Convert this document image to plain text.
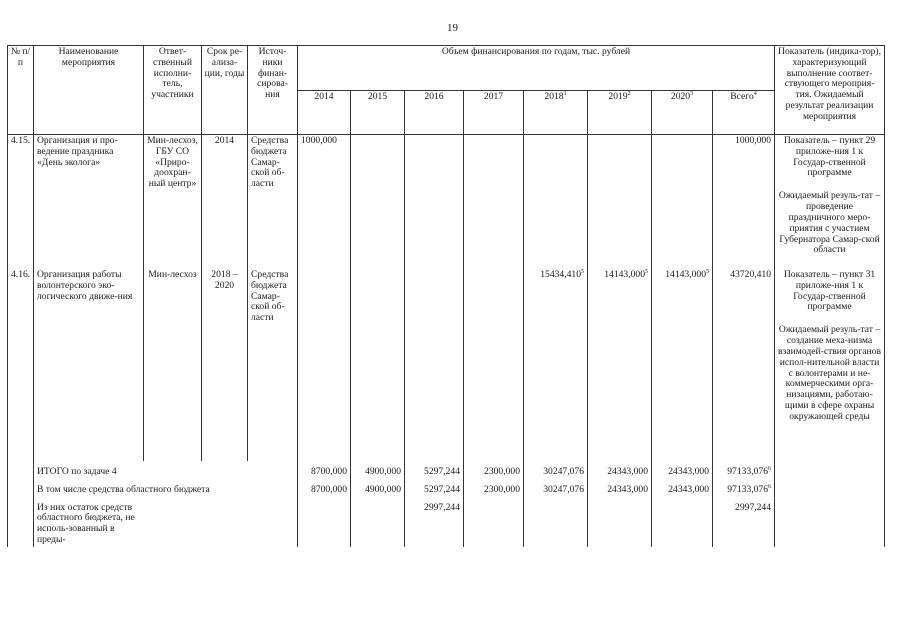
19
№ п/п	Наименование мероприятия	Ответ-ственный исполни-тель, участники	Срок ре-ализа-ции, годы	Источ-ники финан-сирова-ния	Объем финансирования по годам, тыс. рублей								Показатель (индика-тор), характеризующий выполнение соответ-ствующего мероприя-тия. Ожидаемый результат реализации мероприятия
					2014	2015	2016	2017	2018$^1$	2019$^2$	2020$^3$	Всего$^4$
4.15.	Организация и про-ведение праздника «День эколога»	Мин-лесхоз, ГБУ СО «Приро-доохран-ный центр»	2014	Средства бюджета Самар-ской об-ласти	1000,000							1000,000	Показатель – пункт 29 приложе-ния 1 к Государ-ственной программе
Ожидаемый резуль-тат – проведение праздничного меро-приятия с участием Губернатора Самар-ской области
4.16.	Организация работы волонтерского эко-логического движе-ния	Мин-лесхоз	2018 – 2020	Средства бюджета Самар-ской об-ласти					15434,410$^5$	14143,000$^5$	14143,000$^5$	43720,410	Показатель – пункт 31 приложе-ния 1 к Государ-ственной программе
Ожидаемый резуль-тат – создание меха-низма взаимодей-ствия органов испол-нительной власти с волонтерами и не-коммерческими орга-низациями, работаю-щими в сфере охраны окружающей среды
	ИТОГО по задаче 4				8700,000	4900,000	5297,244	2300,000	30247,076	24343,000	24343,000	97133,076$^6$	
	В том числе средства областного бюджета				8700,000	4900,000	5297,244	2300,000	30247,076	24343,000	24343,000	97133,076$^6$	

	Из них остаток средств областного бюджета, не исполь-зованный в преды-						2997,244					2997,244	
